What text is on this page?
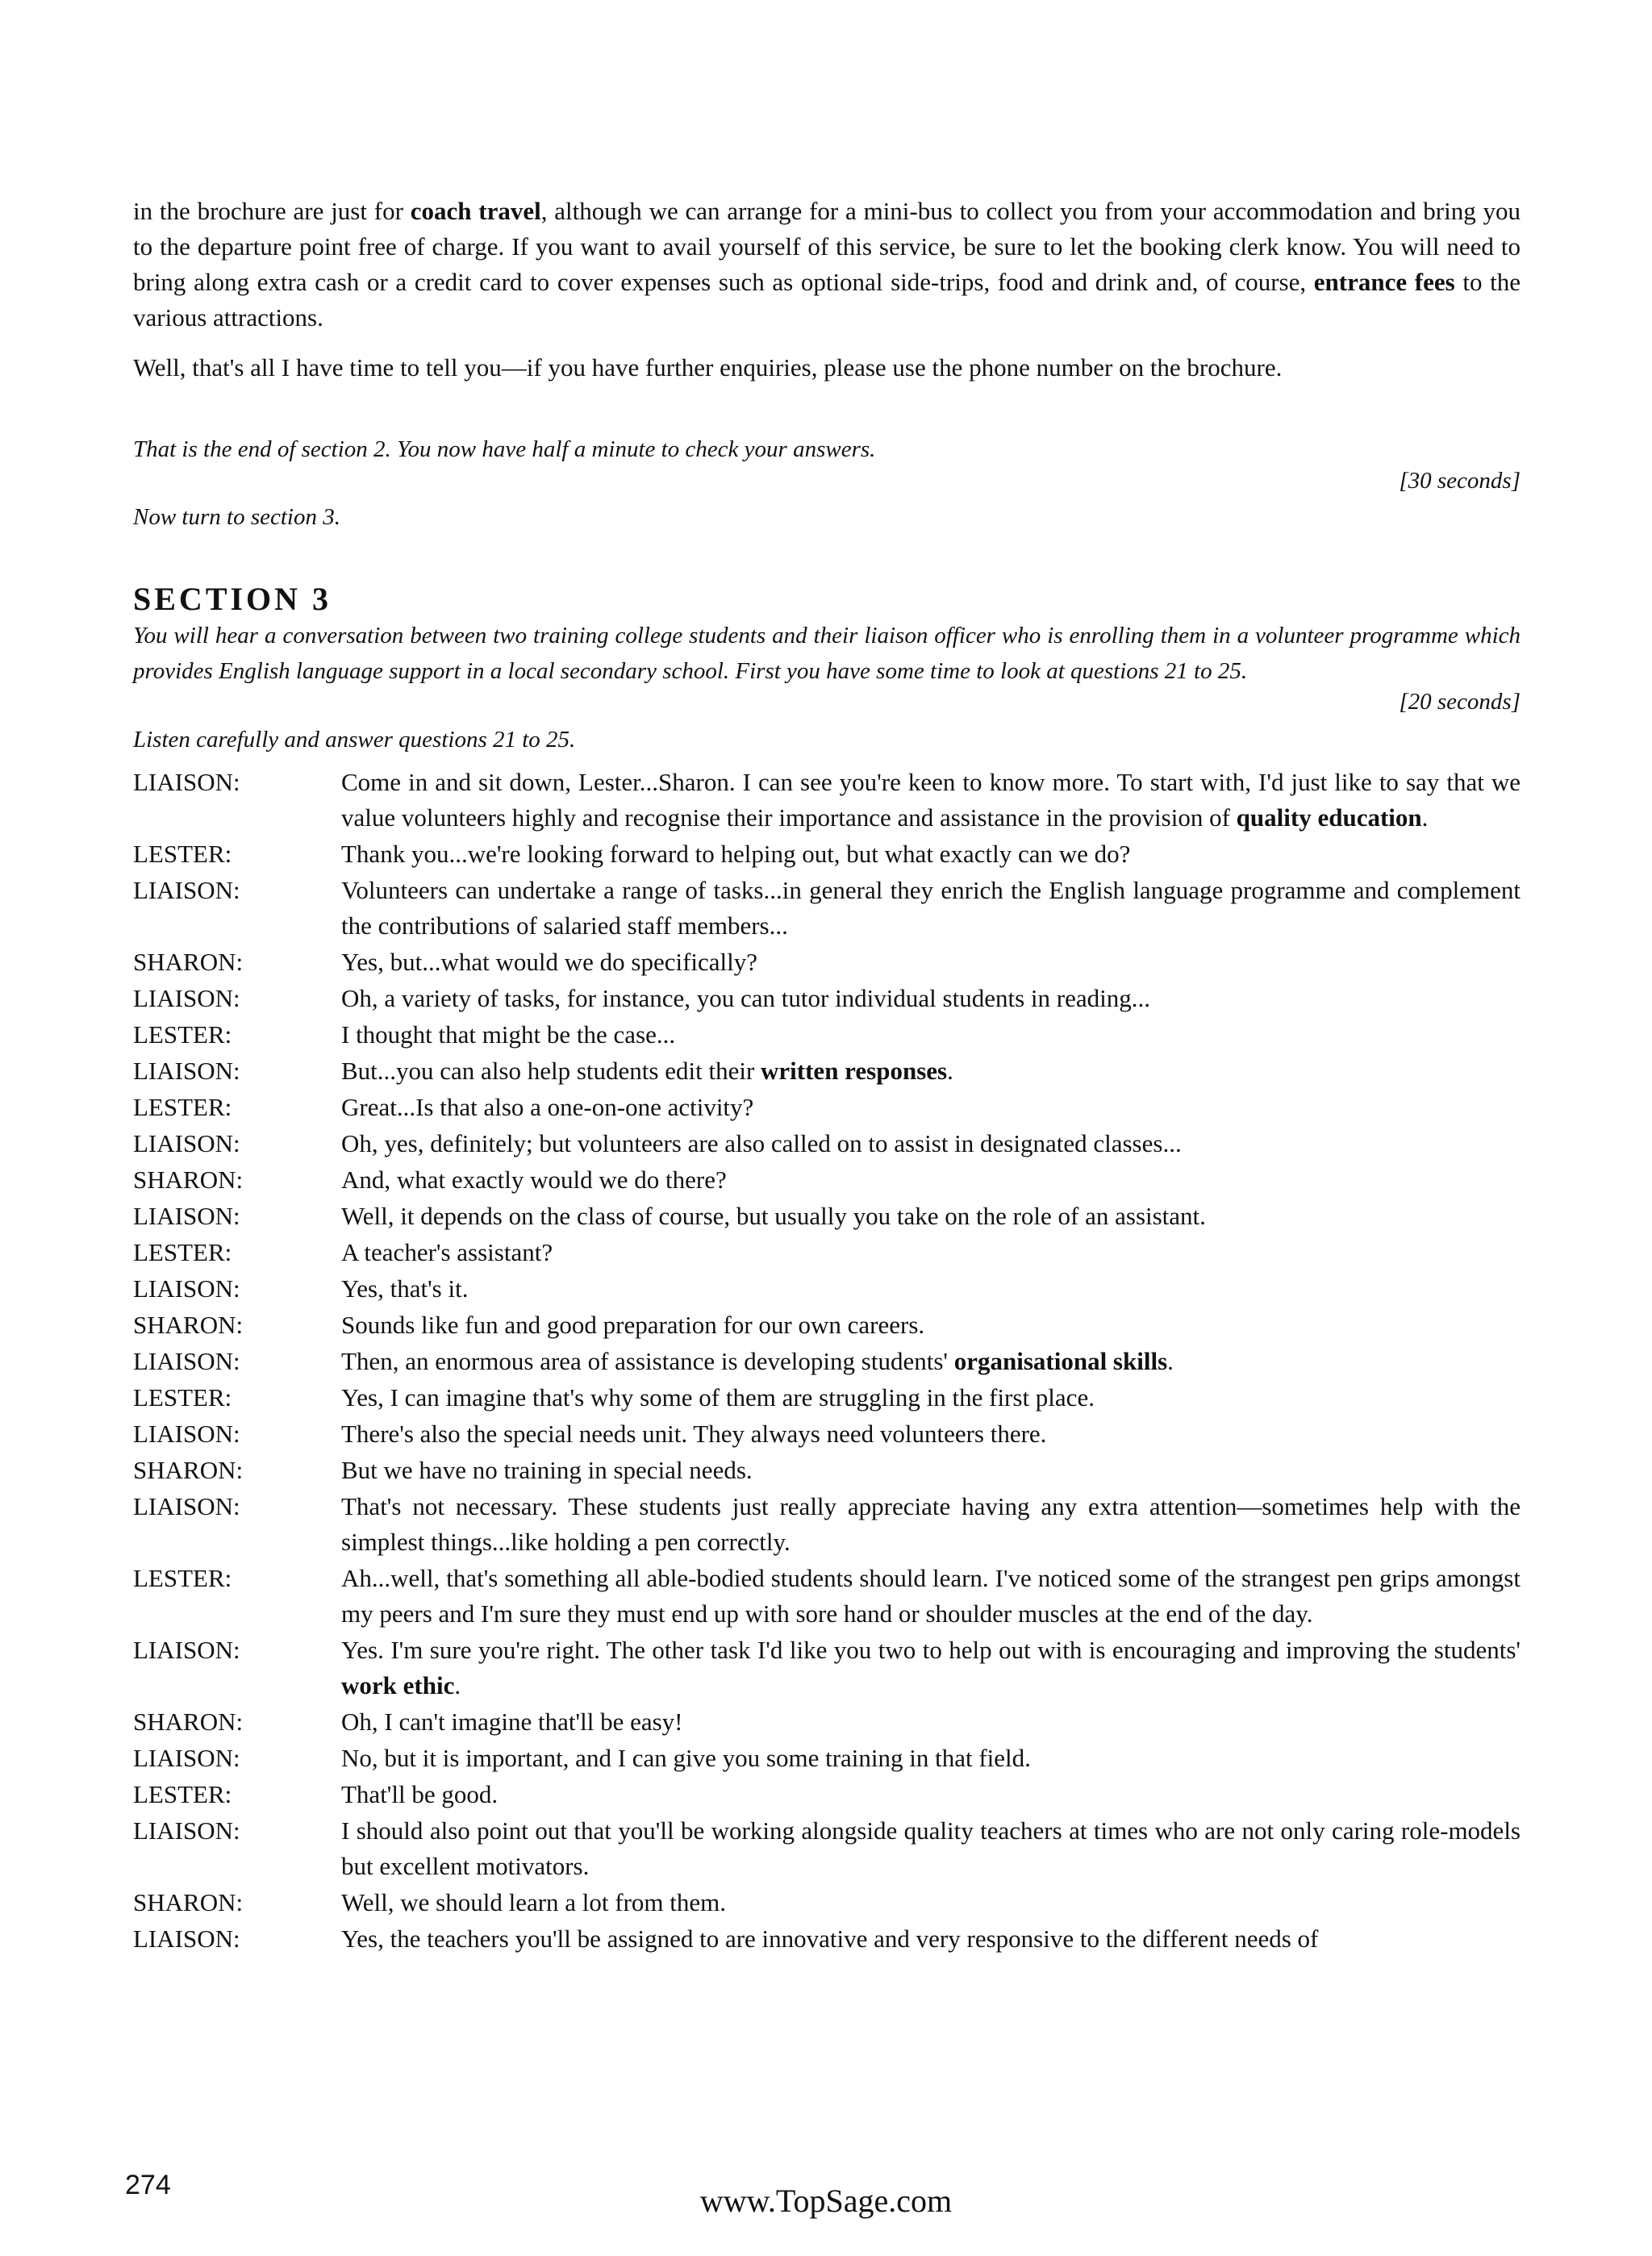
in the brochure are just for coach travel, although we can arrange for a mini-bus to collect you from your accommodation and bring you to the departure point free of charge. If you want to avail yourself of this service, be sure to let the booking clerk know. You will need to bring along extra cash or a credit card to cover expenses such as optional side-trips, food and drink and, of course, entrance fees to the various attractions.

Well, that's all I have time to tell you—if you have further enquiries, please use the phone number on the brochure.

That is the end of section 2. You now have half a minute to check your answers.

[30 seconds]

Now turn to section 3.

SECTION 3

You will hear a conversation between two training college students and their liaison officer who is enrolling them in a volunteer programme which provides English language support in a local secondary school. First you have some time to look at questions 21 to 25.

[20 seconds]

Listen carefully and answer questions 21 to 25.

LIAISON:	Come in and sit down, Lester...Sharon. I can see you're keen to know more. To start with, I'd just like to say that we value volunteers highly and recognise their importance and assistance in the provision of quality education.
LESTER:	Thank you...we're looking forward to helping out, but what exactly can we do?
LIAISON:	Volunteers can undertake a range of tasks...in general they enrich the English language programme and complement the contributions of salaried staff members...
SHARON:	Yes, but...what would we do specifically?
LIAISON:	Oh, a variety of tasks, for instance, you can tutor individual students in reading...
LESTER:	I thought that might be the case...
LIAISON:	But...you can also help students edit their written responses.
LESTER:	Great...Is that also a one-on-one activity?
LIAISON:	Oh, yes, definitely; but volunteers are also called on to assist in designated classes...
SHARON:	And, what exactly would we do there?
LIAISON:	Well, it depends on the class of course, but usually you take on the role of an assistant.
LESTER:	A teacher's assistant?
LIAISON:	Yes, that's it.
SHARON:	Sounds like fun and good preparation for our own careers.
LIAISON:	Then, an enormous area of assistance is developing students' organisational skills.
LESTER:	Yes, I can imagine that's why some of them are struggling in the first place.
LIAISON:	There's also the special needs unit. They always need volunteers there.
SHARON:	But we have no training in special needs.
LIAISON:	That's not necessary. These students just really appreciate having any extra attention—sometimes help with the simplest things...like holding a pen correctly.
LESTER:	Ah...well, that's something all able-bodied students should learn. I've noticed some of the strangest pen grips amongst my peers and I'm sure they must end up with sore hand or shoulder muscles at the end of the day.
LIAISON:	Yes. I'm sure you're right. The other task I'd like you two to help out with is encouraging and improving the students' work ethic.
SHARON:	Oh, I can't imagine that'll be easy!
LIAISON:	No, but it is important, and I can give you some training in that field.
LESTER:	That'll be good.
LIAISON:	I should also point out that you'll be working alongside quality teachers at times who are not only caring role-models but excellent motivators.
SHARON:	Well, we should learn a lot from them.
LIAISON:	Yes, the teachers you'll be assigned to are innovative and very responsive to the different needs of
274	www.TopSage.com
